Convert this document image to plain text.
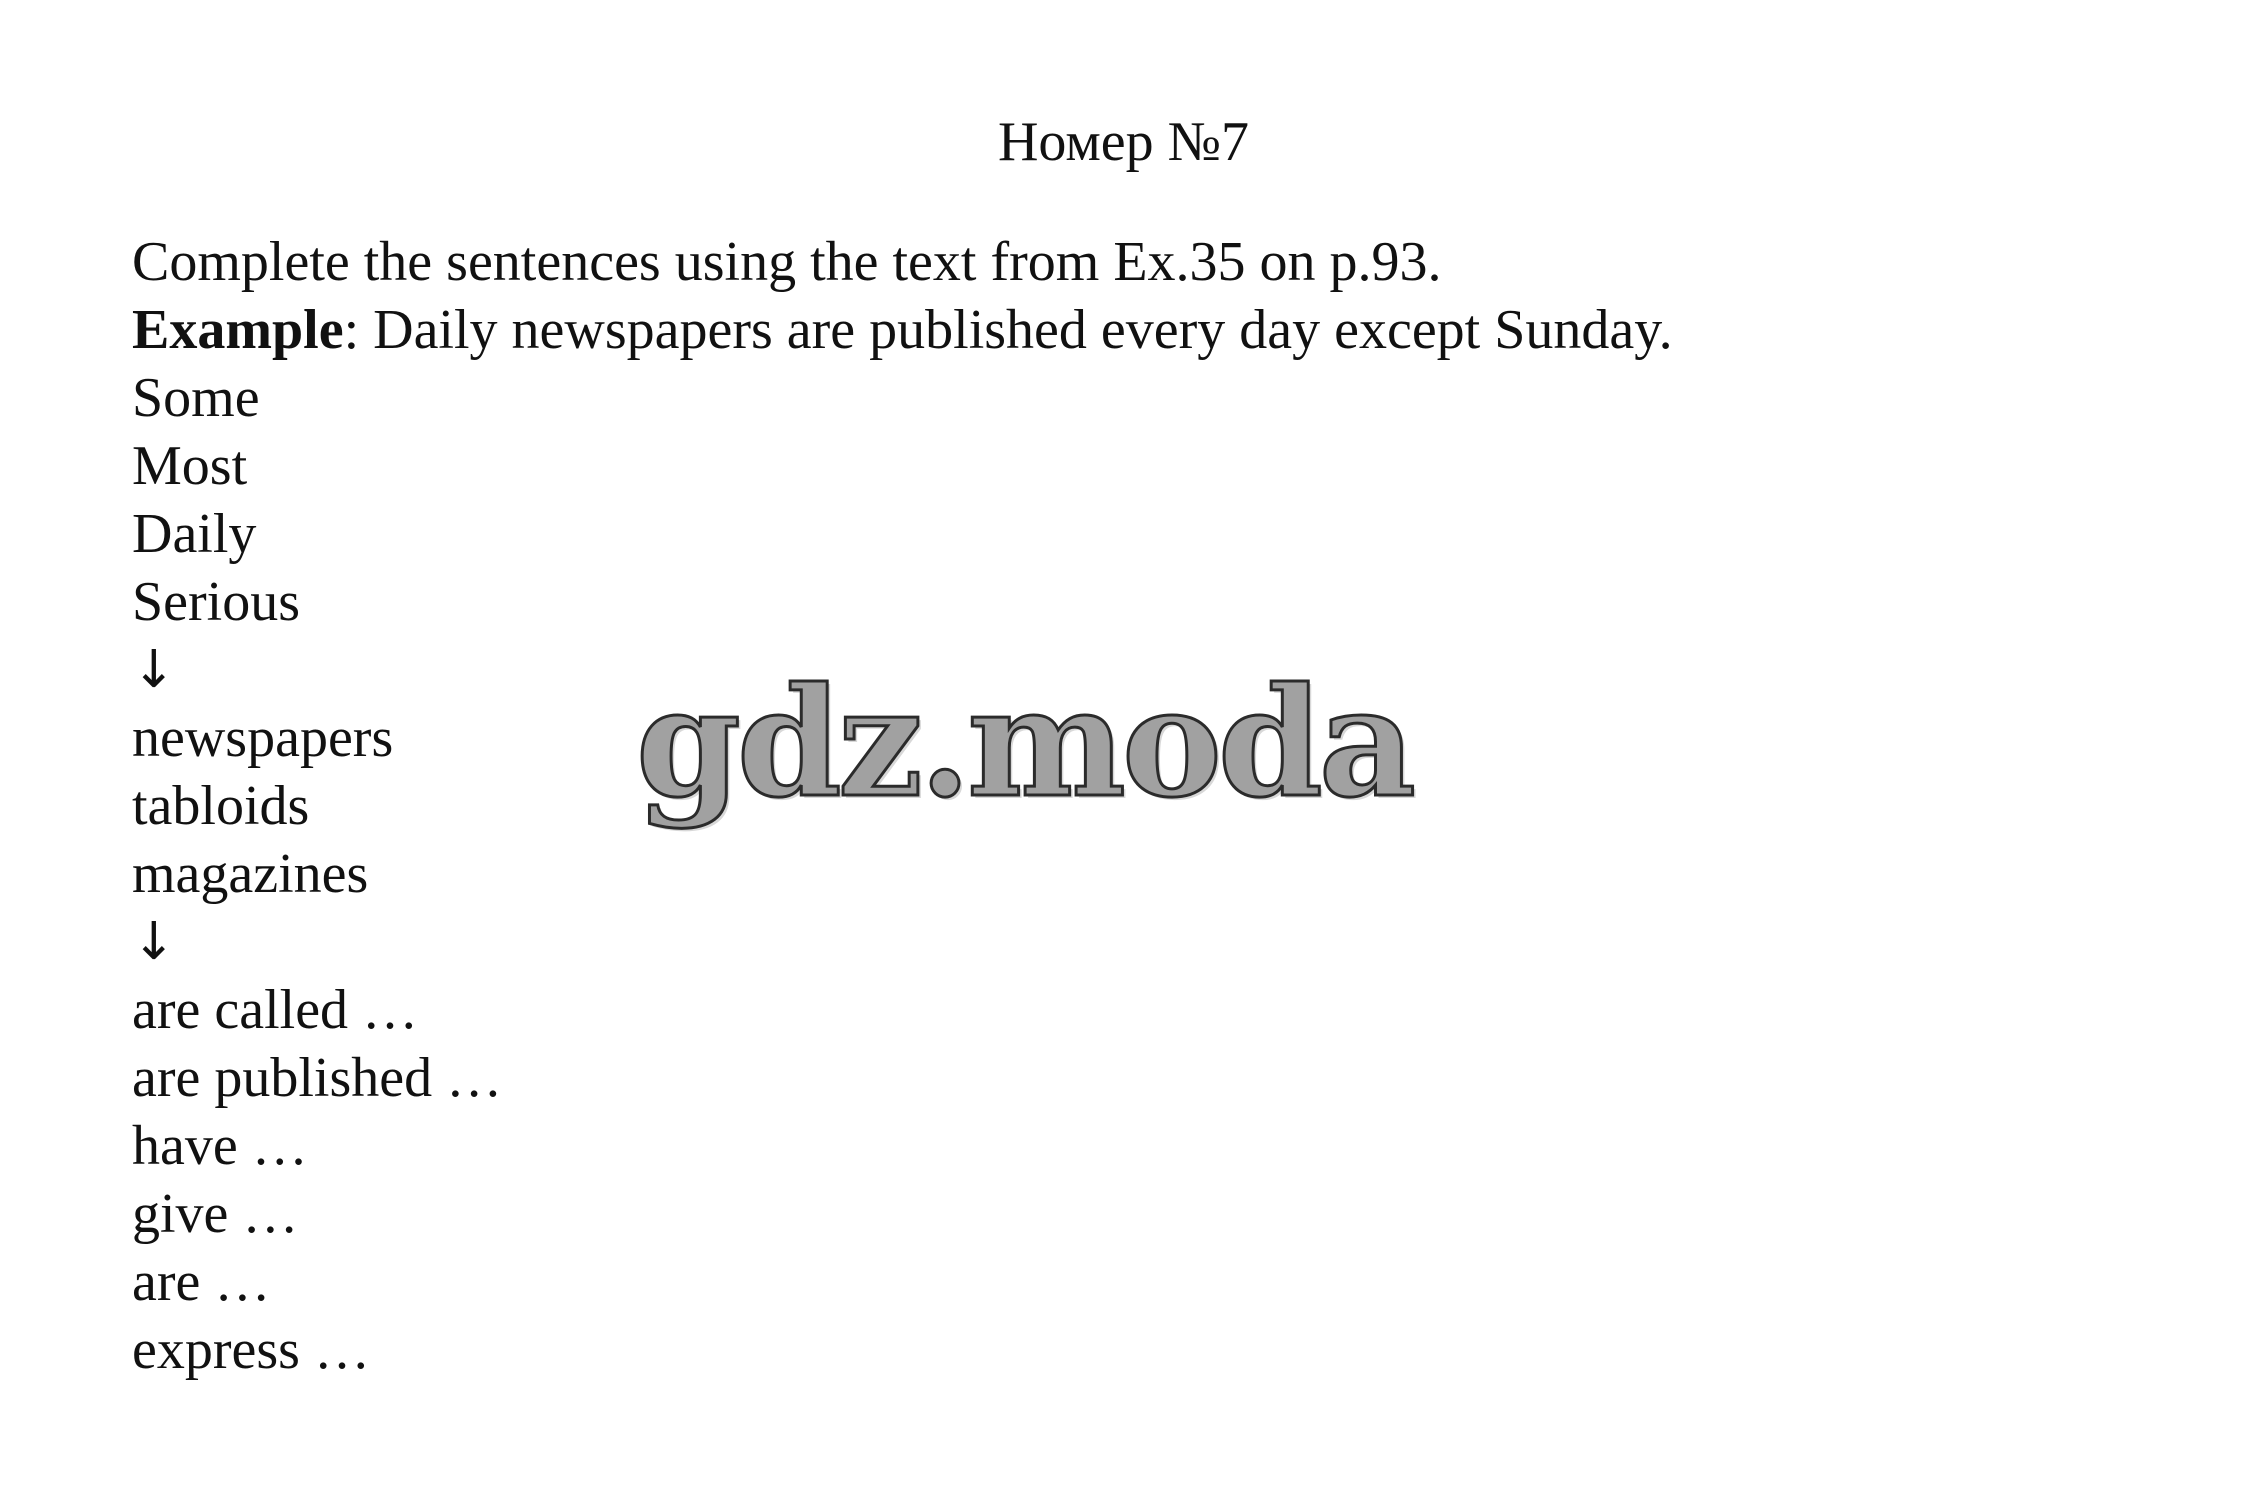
Номер №7
Complete the sentences using the text from Ex.35 on p.93.
Example: Daily newspapers are published every day except Sunday.
Some
Most
Daily
Serious
↓
newspapers
tabloids
magazines
↓
are called …
are published …
have …
give …
are …
express …
gdz.moda
